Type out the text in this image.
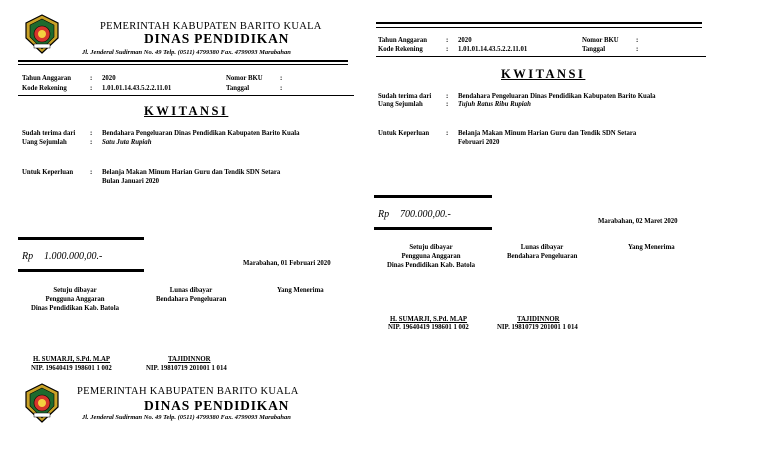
PEMERINTAH KABUPATEN BARITO KUALA
DINAS PENDIDIKAN
Jl. Jenderal Sudirman No. 49 Telp. (0511) 4799380 Fax. 4799093 Marabahan
Tahun Anggaran	: 2020	Nomor BKU	:
Kode Rekening	: 1.01.01.14.43.5.2.2.11.01	Tanggal	:
KWITANSI
Sudah terima dari : Bendahara Pengeluaran Dinas Pendidikan Kabupaten Barito Kuala
Uang Sejumlah	: Satu Juta Rupiah
Untuk Keperluan : Belanja Makan Minum Harian Guru dan Tendik SDN Setara
Bulan Januari 2020
Rp 1.000.000,00.-
Marabahan, 01 Februari 2020
Setuju dibayar
Pengguna Anggaran
Dinas Pendidikan Kab. Batola
Lunas dibayar
Bendahara Pengeluaran
Yang Menerima
H. SUMARJI, S.Pd. M.AP
NIP. 19640419 198601 1 002
TAJIDINNOR
NIP. 19810719 201001 1 014
PEMERINTAH KABUPATEN BARITO KUALA
DINAS PENDIDIKAN
Jl. Jenderal Sudirman No. 49 Telp. (0511) 4799380 Fax. 4799093 Marabahan
Tahun Anggaran	: 2020	Nomor BKU	:
Kode Rekening	: 1.01.01.14.43.5.2.2.11.01	Tanggal	:
KWITANSI
Sudah terima dari : Bendahara Pengeluaran Dinas Pendidikan Kabupaten Barito Kuala
Uang Sejumlah	: Tujuh Ratus Ribu Rupiah
Untuk Keperluan : Belanja Makan Minum Harian Guru dan Tendik SDN Setara
Februari 2020
Rp 700.000,00.-
Marabahan, 02 Maret 2020
Setuju dibayar
Pengguna Anggaran
Dinas Pendidikan Kab. Batola
Lunas dibayar
Bendahara Pengeluaran
Yang Menerima
H. SUMARJI, S.Pd. M.AP
NIP. 19640419 198601 1 002
TAJIDINNOR
NIP. 19810719 201001 1 014
